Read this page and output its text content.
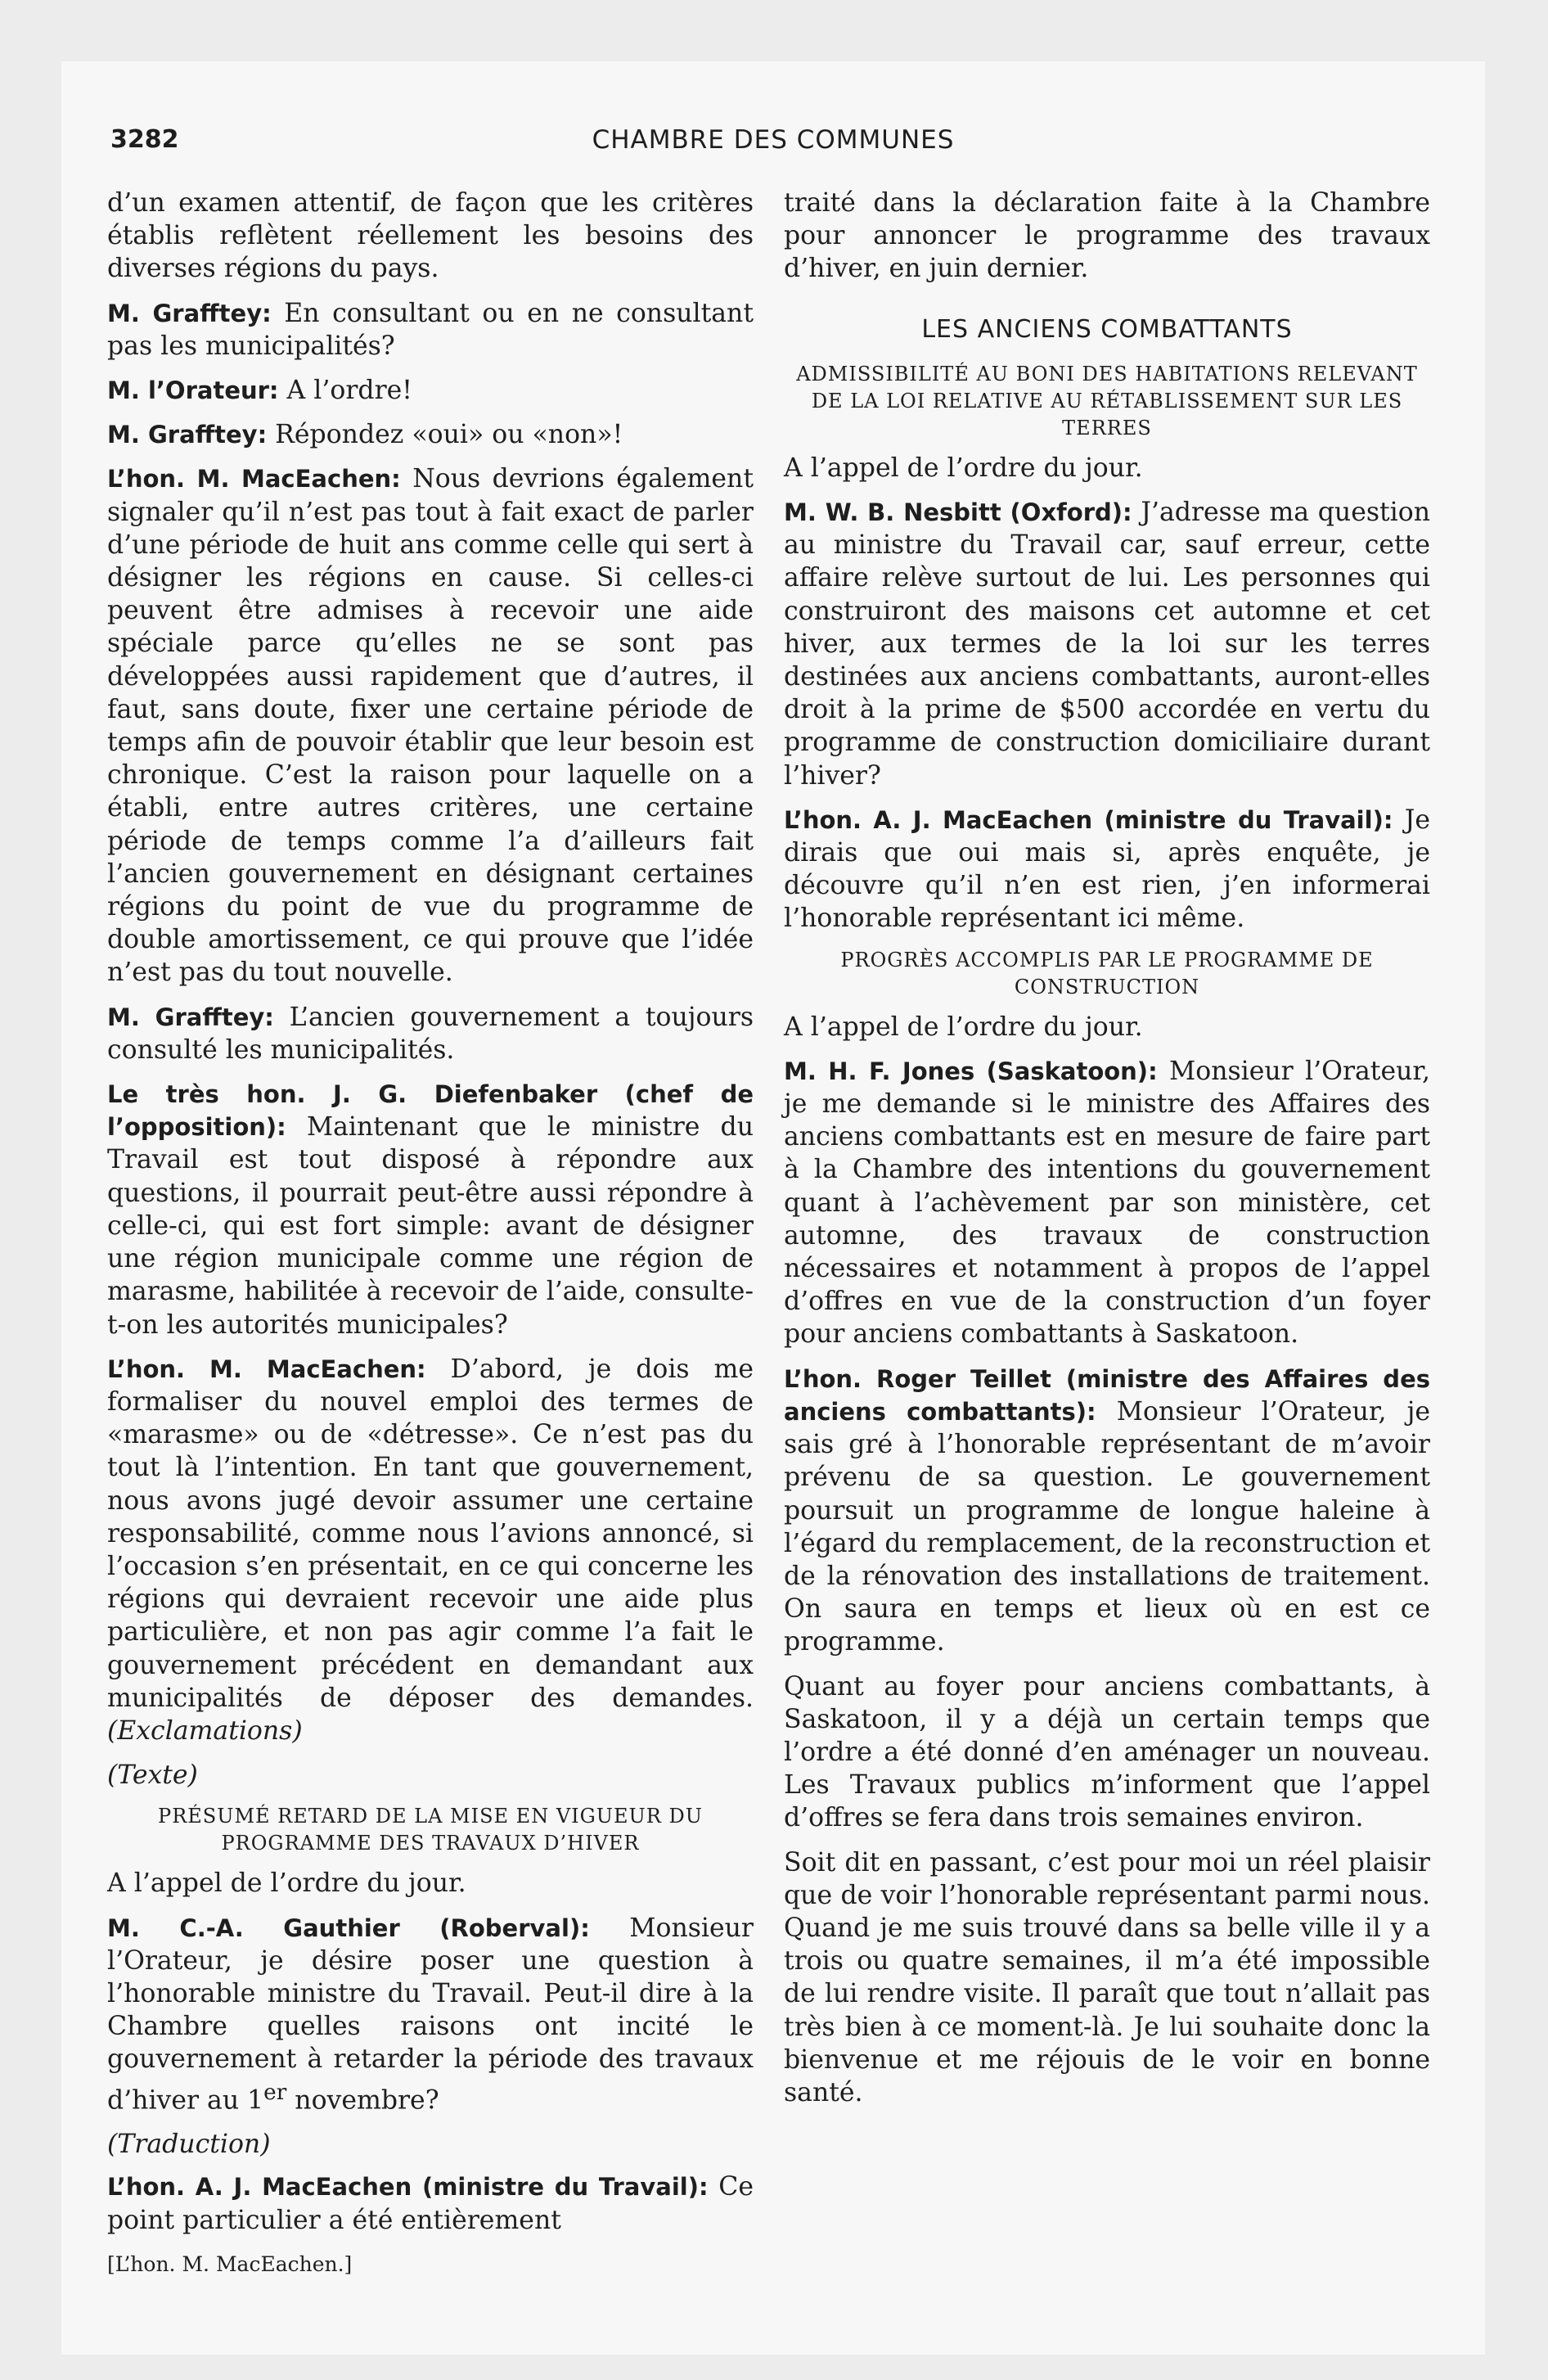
3282	CHAMBRE DES COMMUNES

d’un examen attentif, de façon que les critères établis reflètent réellement les besoins des diverses régions du pays.

M. Grafftey: En consultant ou en ne consultant pas les municipalités?

M. l’Orateur: A l’ordre!

M. Grafftey: Répondez «oui» ou «non»!

L’hon. M. MacEachen: Nous devrions également signaler qu’il n’est pas tout à fait exact de parler d’une période de huit ans comme celle qui sert à désigner les régions en cause. Si celles-ci peuvent être admises à recevoir une aide spéciale parce qu’elles ne se sont pas développées aussi rapidement que d’autres, il faut, sans doute, fixer une certaine période de temps afin de pouvoir établir que leur besoin est chronique. C’est la raison pour laquelle on a établi, entre autres critères, une certaine période de temps comme l’a d’ailleurs fait l’ancien gouvernement en désignant certaines régions du point de vue du programme de double amortissement, ce qui prouve que l’idée n’est pas du tout nouvelle.

M. Grafftey: L’ancien gouvernement a toujours consulté les municipalités.

Le très hon. J. G. Diefenbaker (chef de l’opposition): Maintenant que le ministre du Travail est tout disposé à répondre aux questions, il pourrait peut-être aussi répondre à celle-ci, qui est fort simple: avant de désigner une région municipale comme une région de marasme, habilitée à recevoir de l’aide, consulte-t-on les autorités municipales?

L’hon. M. MacEachen: D’abord, je dois me formaliser du nouvel emploi des termes de «marasme» ou de «détresse». Ce n’est pas du tout là l’intention. En tant que gouvernement, nous avons jugé devoir assumer une certaine responsabilité, comme nous l’avions annoncé, si l’occasion s’en présentait, en ce qui concerne les régions qui devraient recevoir une aide plus particulière, et non pas agir comme l’a fait le gouvernement précédent en demandant aux municipalités de déposer des demandes. (Exclamations)

(Texte)

PRÉSUMÉ RETARD DE LA MISE EN VIGUEUR DU PROGRAMME DES TRAVAUX D’HIVER

A l’appel de l’ordre du jour.

M. C.-A. Gauthier (Roberval): Monsieur l’Orateur, je désire poser une question à l’honorable ministre du Travail. Peut-il dire à la Chambre quelles raisons ont incité le gouvernement à retarder la période des travaux d’hiver au 1er novembre?

(Traduction)

L’hon. A. J. MacEachen (ministre du Travail): Ce point particulier a été entièrement

[L’hon. M. MacEachen.]

traité dans la déclaration faite à la Chambre pour annoncer le programme des travaux d’hiver, en juin dernier.

LES ANCIENS COMBATTANTS
ADMISSIBILITÉ AU BONI DES HABITATIONS RELEVANT DE LA LOI RELATIVE AU RÉTABLISSEMENT SUR LES TERRES

A l’appel de l’ordre du jour.

M. W. B. Nesbitt (Oxford): J’adresse ma question au ministre du Travail car, sauf erreur, cette affaire relève surtout de lui. Les personnes qui construiront des maisons cet automne et cet hiver, aux termes de la loi sur les terres destinées aux anciens combattants, auront-elles droit à la prime de $500 accordée en vertu du programme de construction domiciliaire durant l’hiver?

L’hon. A. J. MacEachen (ministre du Travail): Je dirais que oui mais si, après enquête, je découvre qu’il n’en est rien, j’en informerai l’honorable représentant ici même.

PROGRÈS ACCOMPLIS PAR LE PROGRAMME DE CONSTRUCTION

A l’appel de l’ordre du jour.

M. H. F. Jones (Saskatoon): Monsieur l’Orateur, je me demande si le ministre des Affaires des anciens combattants est en mesure de faire part à la Chambre des intentions du gouvernement quant à l’achèvement par son ministère, cet automne, des travaux de construction nécessaires et notamment à propos de l’appel d’offres en vue de la construction d’un foyer pour anciens combattants à Saskatoon.

L’hon. Roger Teillet (ministre des Affaires des anciens combattants): Monsieur l’Orateur, je sais gré à l’honorable représentant de m’avoir prévenu de sa question. Le gouvernement poursuit un programme de longue haleine à l’égard du remplacement, de la reconstruction et de la rénovation des installations de traitement. On saura en temps et lieux où en est ce programme.

Quant au foyer pour anciens combattants, à Saskatoon, il y a déjà un certain temps que l’ordre a été donné d’en aménager un nouveau. Les Travaux publics m’informent que l’appel d’offres se fera dans trois semaines environ.

Soit dit en passant, c’est pour moi un réel plaisir que de voir l’honorable représentant parmi nous. Quand je me suis trouvé dans sa belle ville il y a trois ou quatre semaines, il m’a été impossible de lui rendre visite. Il paraît que tout n’allait pas très bien à ce moment-là. Je lui souhaite donc la bienvenue et me réjouis de le voir en bonne santé.
